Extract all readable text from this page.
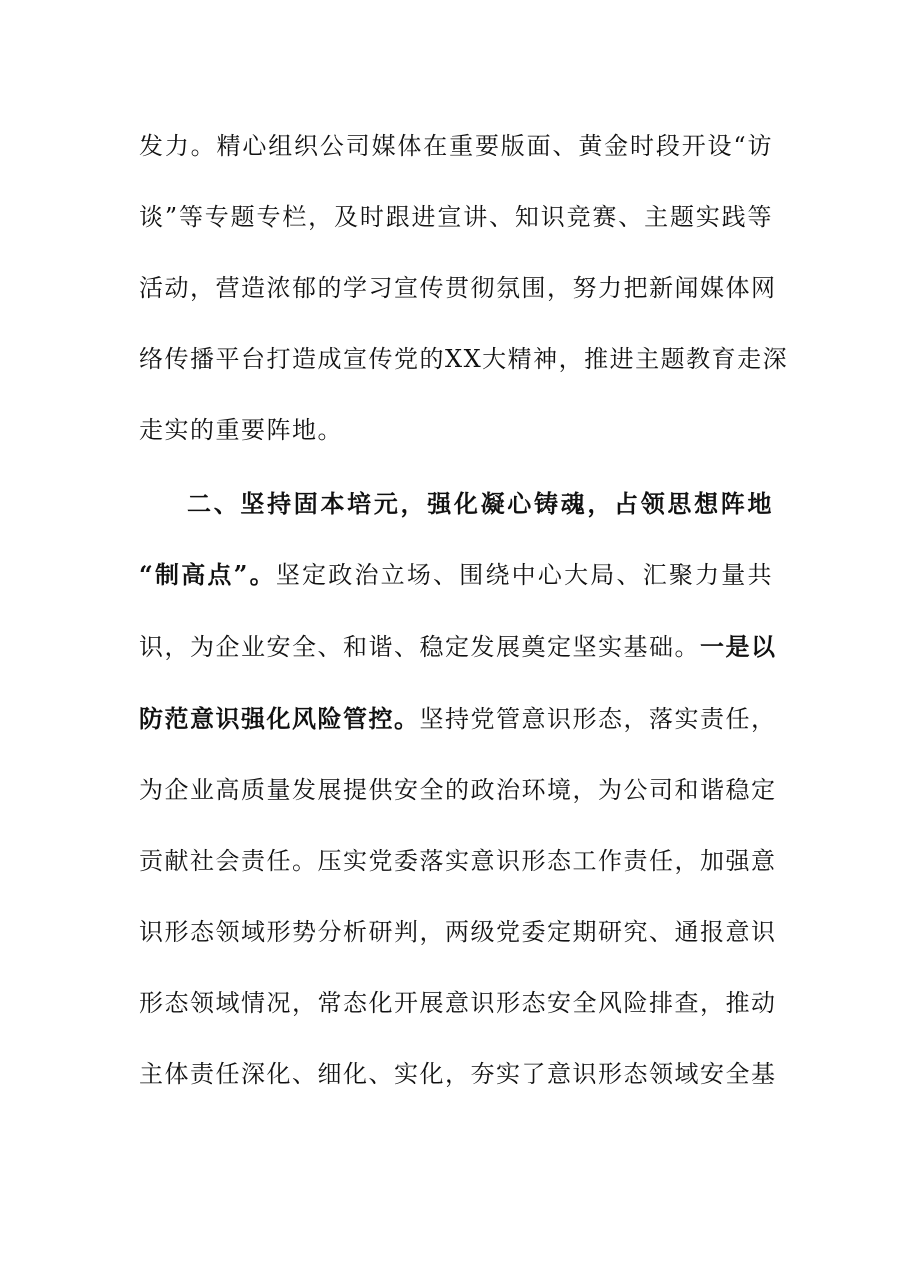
发力。精心组织公司媒体在重要版面、黄金时段开设“访
谈”等专题专栏，及时跟进宣讲、知识竞赛、主题实践等
活动，营造浓郁的学习宣传贯彻氛围，努力把新闻媒体网
络传播平台打造成宣传党的XX大精神，推进主题教育走深
走实的重要阵地。
二、坚持固本培元，强化凝心铸魂，占领思想阵地
“制高点”。坚定政治立场、围绕中心大局、汇聚力量共
识，为企业安全、和谐、稳定发展奠定坚实基础。一是以
防范意识强化风险管控。坚持党管意识形态，落实责任，
为企业高质量发展提供安全的政治环境，为公司和谐稳定
贡献社会责任。压实党委落实意识形态工作责任，加强意
识形态领域形势分析研判，两级党委定期研究、通报意识
形态领域情况，常态化开展意识形态安全风险排查，推动
主体责任深化、细化、实化，夯实了意识形态领域安全基
